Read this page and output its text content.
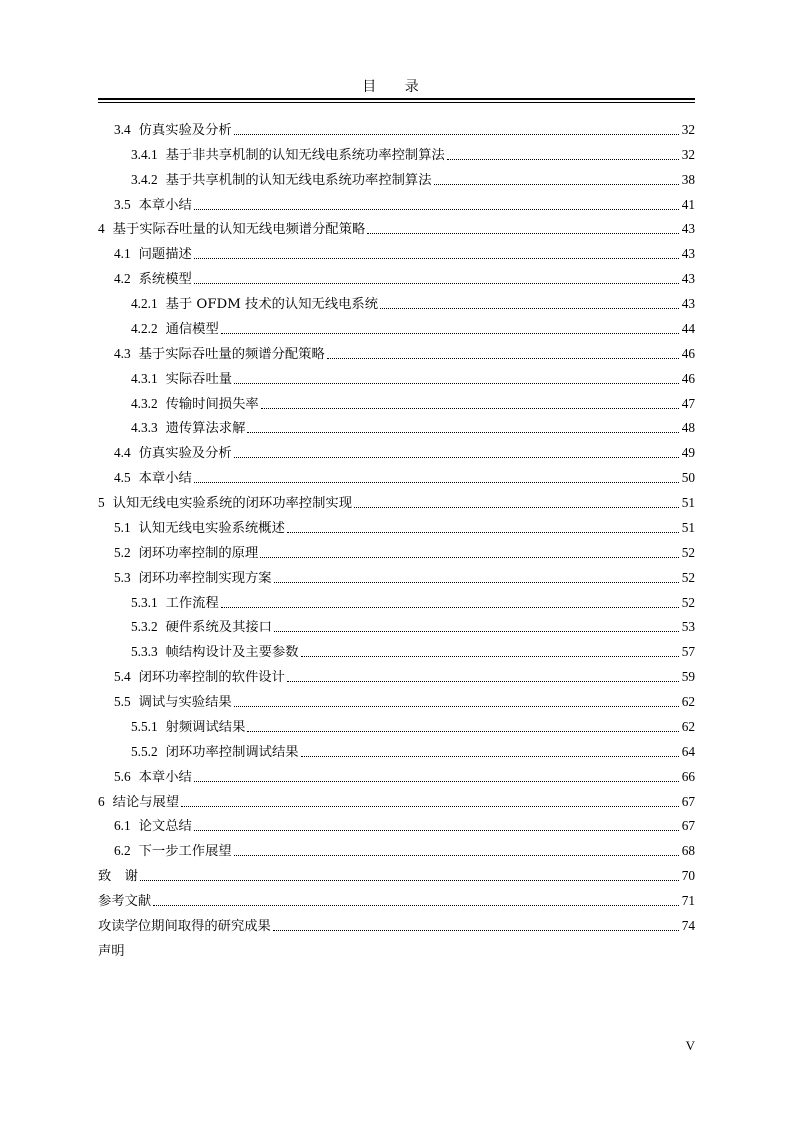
目 录
3.4 仿真实验及分析	32
3.4.1 基于非共享机制的认知无线电系统功率控制算法	32
3.4.2 基于共享机制的认知无线电系统功率控制算法	38
3.5 本章小结	41
4 基于实际吞吐量的认知无线电频谱分配策略	43
4.1 问题描述	43
4.2 系统模型	43
4.2.1 基于 OFDM 技术的认知无线电系统	43
4.2.2 通信模型	44
4.3 基于实际吞吐量的频谱分配策略	46
4.3.1 实际吞吐量	46
4.3.2 传输时间损失率	47
4.3.3 遗传算法求解	48
4.4 仿真实验及分析	49
4.5 本章小结	50
5 认知无线电实验系统的闭环功率控制实现	51
5.1 认知无线电实验系统概述	51
5.2 闭环功率控制的原理	52
5.3 闭环功率控制实现方案	52
5.3.1 工作流程	52
5.3.2 硬件系统及其接口	53
5.3.3 帧结构设计及主要参数	57
5.4 闭环功率控制的软件设计	59
5.5 调试与实验结果	62
5.5.1 射频调试结果	62
5.5.2 闭环功率控制调试结果	64
5.6 本章小结	66
6 结论与展望	67
6.1 论文总结	67
6.2 下一步工作展望	68
致　谢	70
参考文献	71
攻读学位期间取得的研究成果	74
声明
V
